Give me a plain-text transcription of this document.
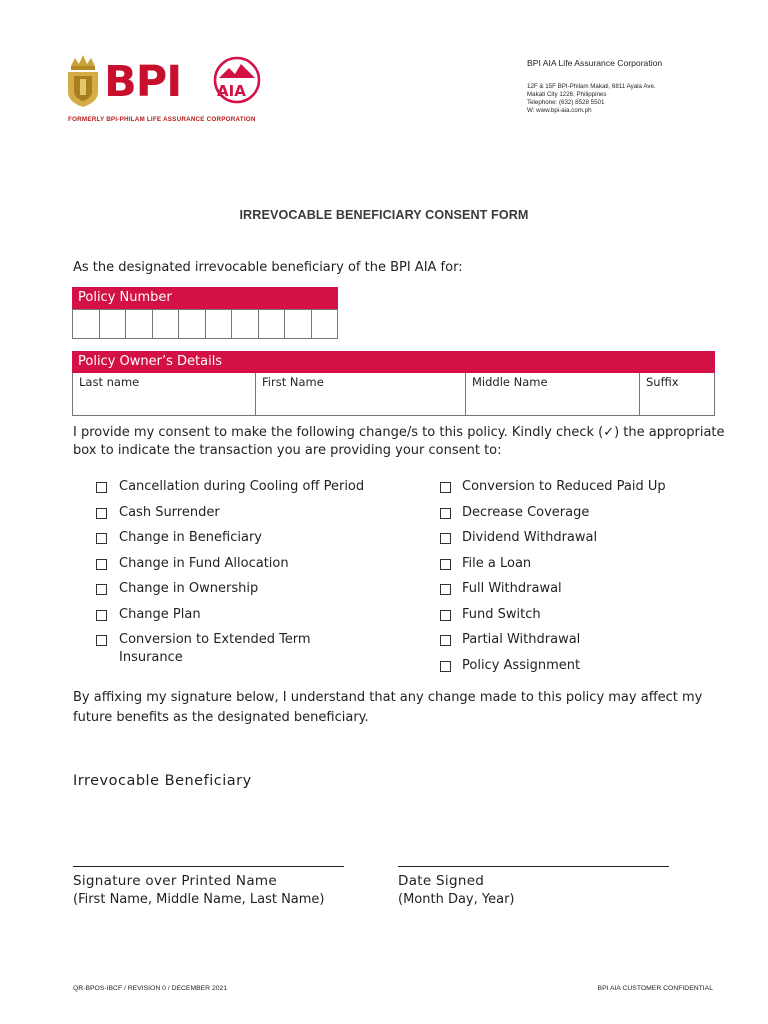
BPI AIA
FORMERLY BPI-PHILAM LIFE ASSURANCE CORPORATION
BPI AIA Life Assurance Corporation
12F & 15F BPI-Philam Makati, 6811 Ayala Ave.
Makati City 1226, Philippines
Telephone: (632) 8528 5501
W: www.bpi-aia.com.ph
IRREVOCABLE BENEFICIARY CONSENT FORM
As the designated irrevocable beneficiary of the BPI AIA for:
Policy Number
Policy Owner’s Details
Last name	First Name	Middle Name	Suffix
I provide my consent to make the following change/s to this policy. Kindly check (✓) the appropriate
box to indicate the transaction you are providing your consent to:
Cancellation during Cooling off Period
Cash Surrender
Change in Beneficiary
Change in Fund Allocation
Change in Ownership
Change Plan
Conversion to Extended Term
Insurance
Conversion to Reduced Paid Up
Decrease Coverage
Dividend Withdrawal
File a Loan
Full Withdrawal
Fund Switch
Partial Withdrawal
Policy Assignment
By affixing my signature below, I understand that any change made to this policy may affect my
future benefits as the designated beneficiary.
Irrevocable Beneficiary
Signature over Printed Name
(First Name, Middle Name, Last Name)
Date Signed
(Month Day, Year)
QR-BPOS-IBCF / REVISION 0 / DECEMBER 2021	BPI AIA CUSTOMER CONFIDENTIAL
